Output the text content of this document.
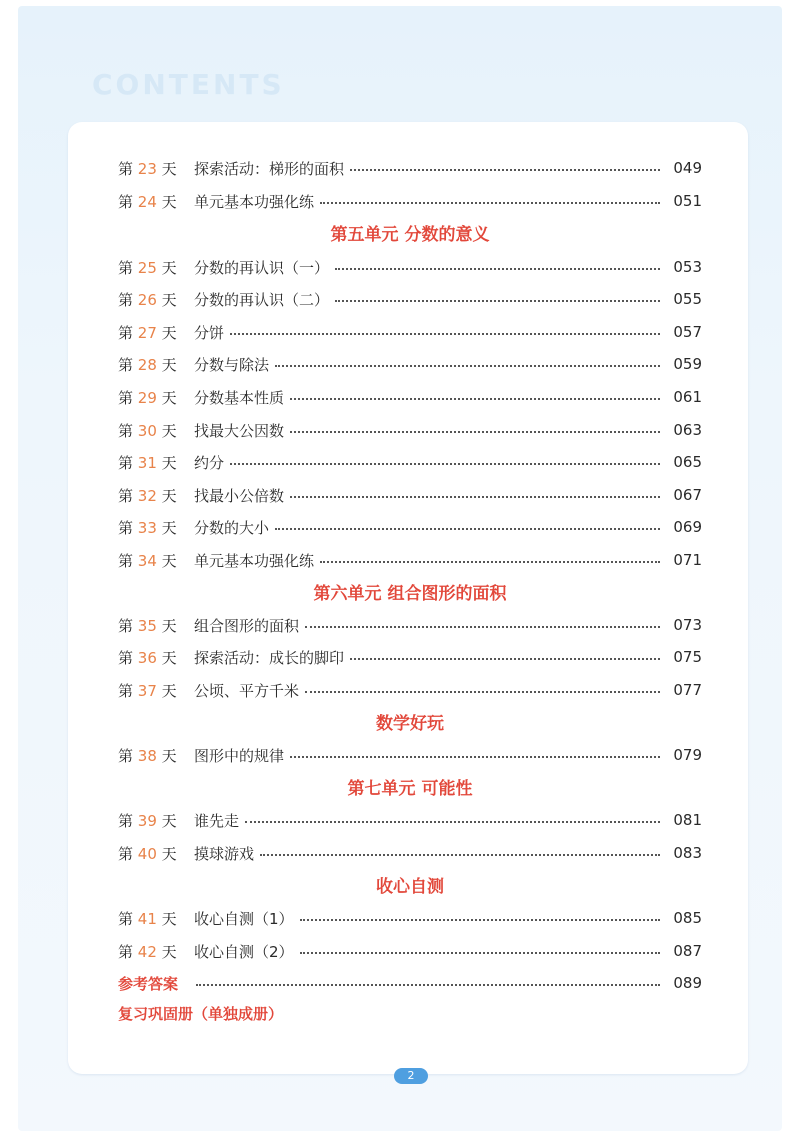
CONTENTS
第 23 天	探索活动：梯形的面积	049
第 24 天	单元基本功强化练	051
第五单元 分数的意义
第 25 天	分数的再认识（一）	053
第 26 天	分数的再认识（二）	055
第 27 天	分饼	057
第 28 天	分数与除法	059
第 29 天	分数基本性质	061
第 30 天	找最大公因数	063
第 31 天	约分	065
第 32 天	找最小公倍数	067
第 33 天	分数的大小	069
第 34 天	单元基本功强化练	071
第六单元 组合图形的面积
第 35 天	组合图形的面积	073
第 36 天	探索活动：成长的脚印	075
第 37 天	公顷、平方千米	077
数学好玩
第 38 天	图形中的规律	079
第七单元 可能性
第 39 天	谁先走	081
第 40 天	摸球游戏	083
收心自测
第 41 天	收心自测（1）	085
第 42 天	收心自测（2）	087
参考答案	089
复习巩固册（单独成册）
2
